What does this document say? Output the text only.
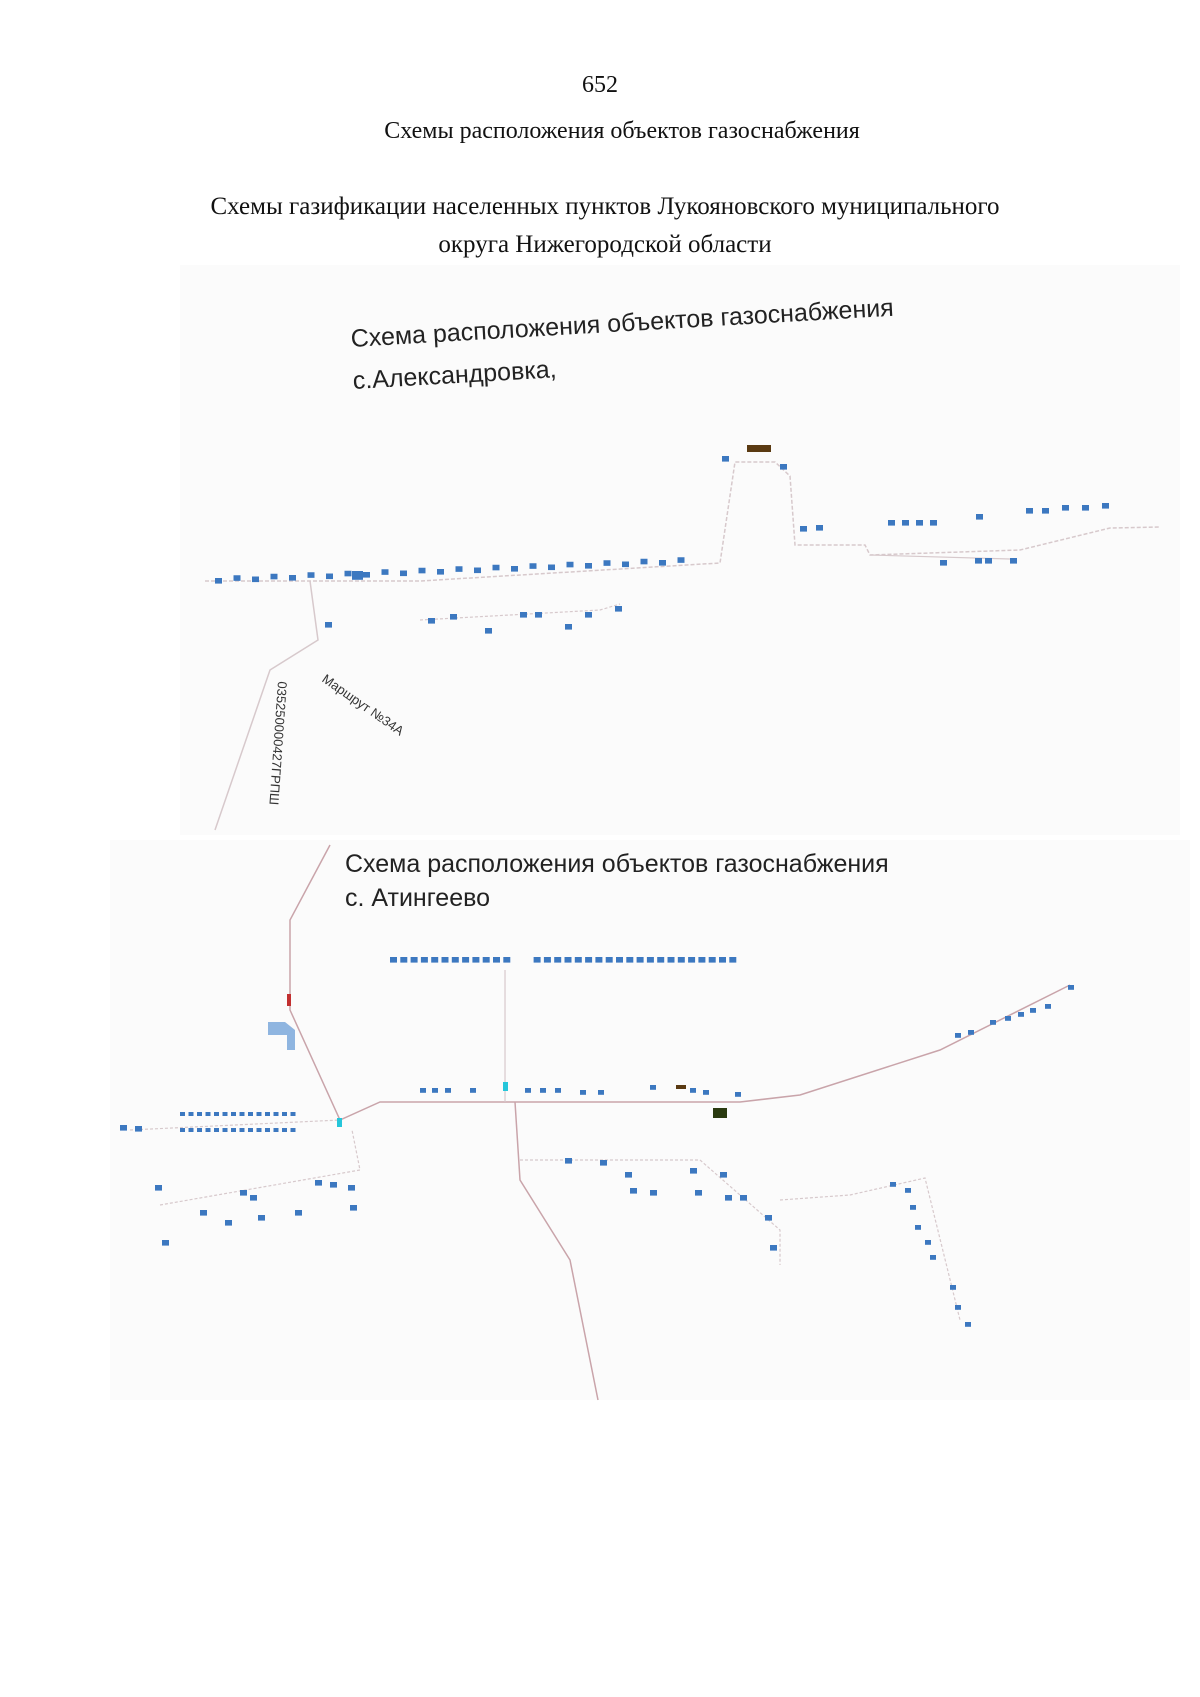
652
Схемы расположения объектов газоснабжения
Схемы газификации населенных пунктов Лукояновского муниципального
округа Нижегородской области
Схема расположения объектов газоснабжения
с.Александровка,
Маршрут №34А
035250000427ГРПШ
Схема расположения объектов газоснабжения
с. Атингеево
